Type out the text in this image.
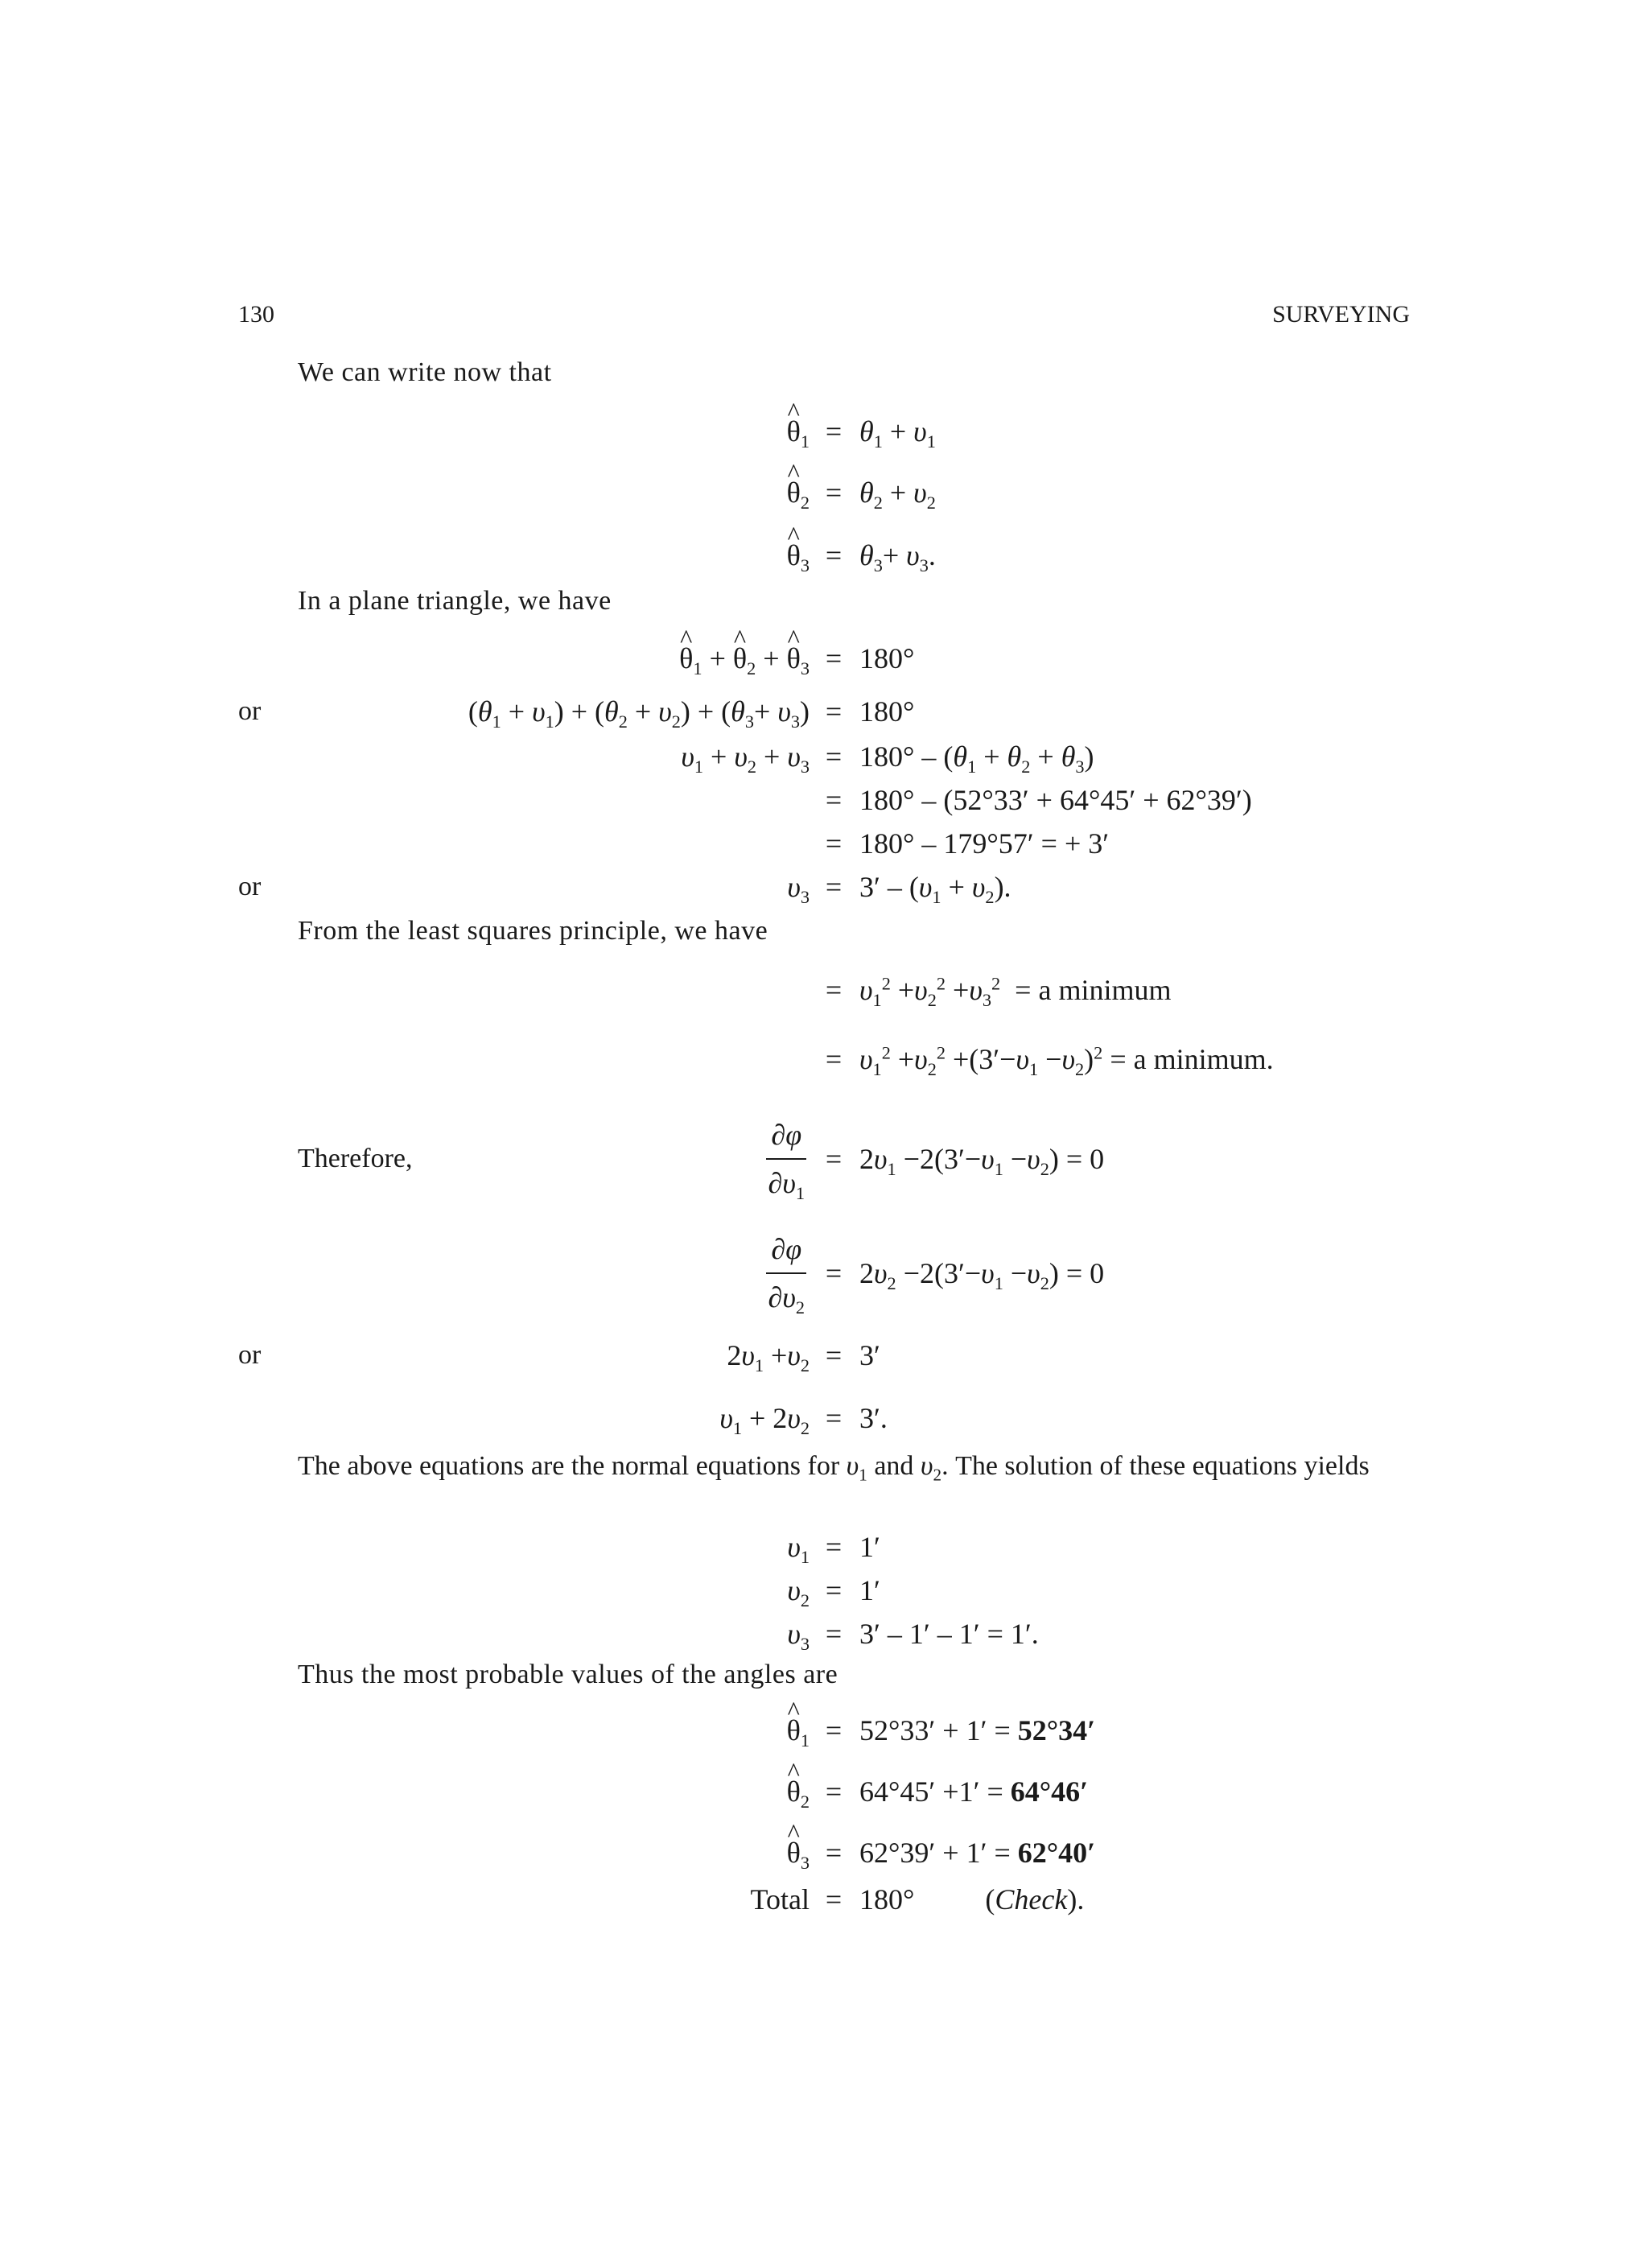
130	SURVEYING
We can write now that
^ $\theta_1 = \theta_1 + \upsilon_1$
^ $\theta_2 = \theta_2 + \upsilon_2$
^ $\theta_3 = \theta_3+ \upsilon_3$.
In a plane triangle, we have
^ $\theta_1$ + ^ $\theta_2$ + ^ $\theta_3 = 180^\circ$
or	$(\theta_1 + \upsilon_1) + (\theta_2 + \upsilon_2) + (\theta_3+ \upsilon_3) = 180^\circ$
$\upsilon_1 + \upsilon_2 + \upsilon_3 = 180^\circ - (\theta_1 + \theta_2 + \theta_3)$
= 180° – (52°33′ + 64°45′ + 62°39′)
= 180° – 179°57′ = + 3′
or	$\upsilon_3 = 3' - (\upsilon_1 + \upsilon_2)$.
From the least squares principle, we have
= $\upsilon_1^2 +\upsilon_2^2 +\upsilon_3^2 = a$ minimum
= $\upsilon_1^2 +\upsilon_2^2 +(3'-\upsilon_1 -\upsilon_2)^2 = a$ minimum.
Therefore,	$\frac{\partial\varphi}{\partial\upsilon_1} = 2\upsilon_1 -2(3'-\upsilon_1 -\upsilon_2) = 0$
$\frac{\partial\varphi}{\partial\upsilon_2} = 2\upsilon_2 -2(3'-\upsilon_1 -\upsilon_2) = 0$
or	$2\upsilon_1 +\upsilon_2 = 3'$
$\upsilon_1 + 2\upsilon_2 = 3'$.
The above equations are the normal equations for $\upsilon_1$ and $\upsilon_2$. The solution of these equations yields
$\upsilon_1 = 1'$
$\upsilon_2 = 1'$
$\upsilon_3 = 3' - 1' - 1' = 1'$.
Thus the most probable values of the angles are
^ $\theta_1 = 52^\circ 33' + 1' = 52^\circ 34'$
^ $\theta_2 = 64^\circ 45' +1' = 64^\circ 46'$
^ $\theta_3 = 62^\circ 39' + 1' = 62^\circ 40'$
Total = 180° (Check).
